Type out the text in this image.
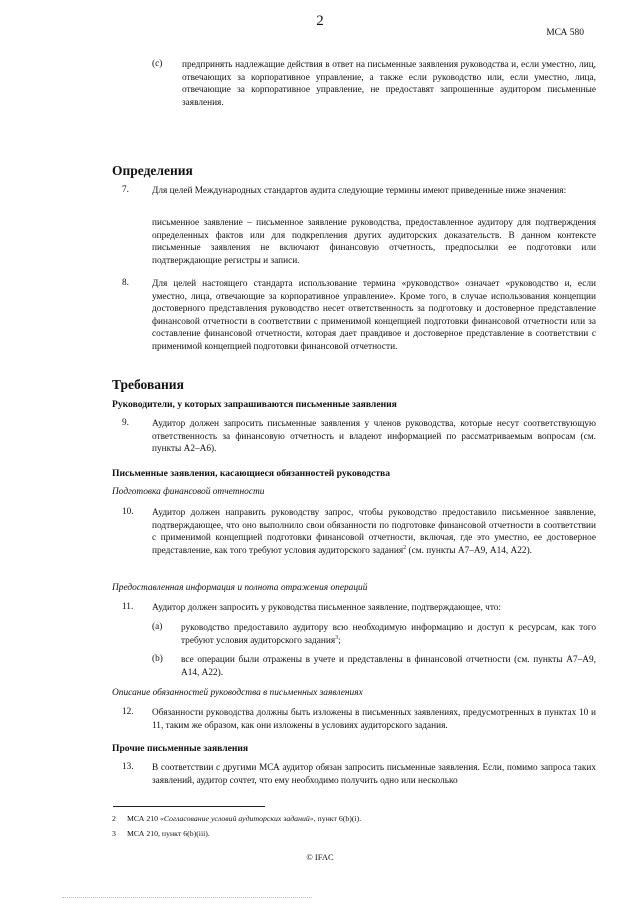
2
МСА 580
(c) предпринять надлежащие действия в ответ на письменные заявления руководства и, если уместно, лиц, отвечающих за корпоративное управление, а также если руководство или, если уместно, лица, отвечающие за корпоративное управление, не предоставят запрошенные аудитором письменные заявления.
Определения
7. Для целей Международных стандартов аудита следующие термины имеют приведенные ниже значения:
письменное заявление – письменное заявление руководства, предоставленное аудитору для подтверждения определенных фактов или для подкрепления других аудиторских доказательств. В данном контексте письменные заявления не включают финансовую отчетность, предпосылки ее подготовки или подтверждающие регистры и записи.
8. Для целей настоящего стандарта использование термина «руководство» означает «руководство и, если уместно, лица, отвечающие за корпоративное управление». Кроме того, в случае использования концепции достоверного представления руководство несет ответственность за подготовку и достоверное представление финансовой отчетности в соответствии с применимой концепцией подготовки финансовой отчетности или за составление финансовой отчетности, которая дает правдивое и достоверное представление в соответствии с применимой концепцией подготовки финансовой отчетности.
Требования
Руководители, у которых запрашиваются письменные заявления
9. Аудитор должен запросить письменные заявления у членов руководства, которые несут соответствующую ответственность за финансовую отчетность и владеют информацией по рассматриваемым вопросам (см. пункты А2–А6).
Письменные заявления, касающиеся обязанностей руководства
Подготовка финансовой отчетности
10. Аудитор должен направить руководству запрос, чтобы руководство предоставило письменное заявление, подтверждающее, что оно выполнило свои обязанности по подготовке финансовой отчетности в соответствии с применимой концепцией подготовки финансовой отчетности, включая, где это уместно, ее достоверное представление, как того требуют условия аудиторского задания$^2$ (см. пункты А7–А9, А14, А22).
Предоставленная информация и полнота отражения операций
11. Аудитор должен запросить у руководства письменное заявление, подтверждающее, что:
(a) руководство предоставило аудитору всю необходимую информацию и доступ к ресурсам, как того требуют условия аудиторского задания$^3$;
(b) все операции были отражены в учете и представлены в финансовой отчетности (см. пункты А7–А9, А14, А22).
Описание обязанностей руководства в письменных заявлениях
12. Обязанности руководства должны быть изложены в письменных заявлениях, предусмотренных в пунктах 10 и 11, таким же образом, как они изложены в условиях аудиторского задания.
Прочие письменные заявления
13. В соответствии с другими МСА аудитор обязан запросить письменные заявления. Если, помимо запроса таких заявлений, аудитор сочтет, что ему необходимо получить одно или несколько
2 МСА 210 «Согласование условий аудиторских заданий», пункт 6(b)(i).
3 МСА 210, пункт 6(b)(iii).
© IFAC
